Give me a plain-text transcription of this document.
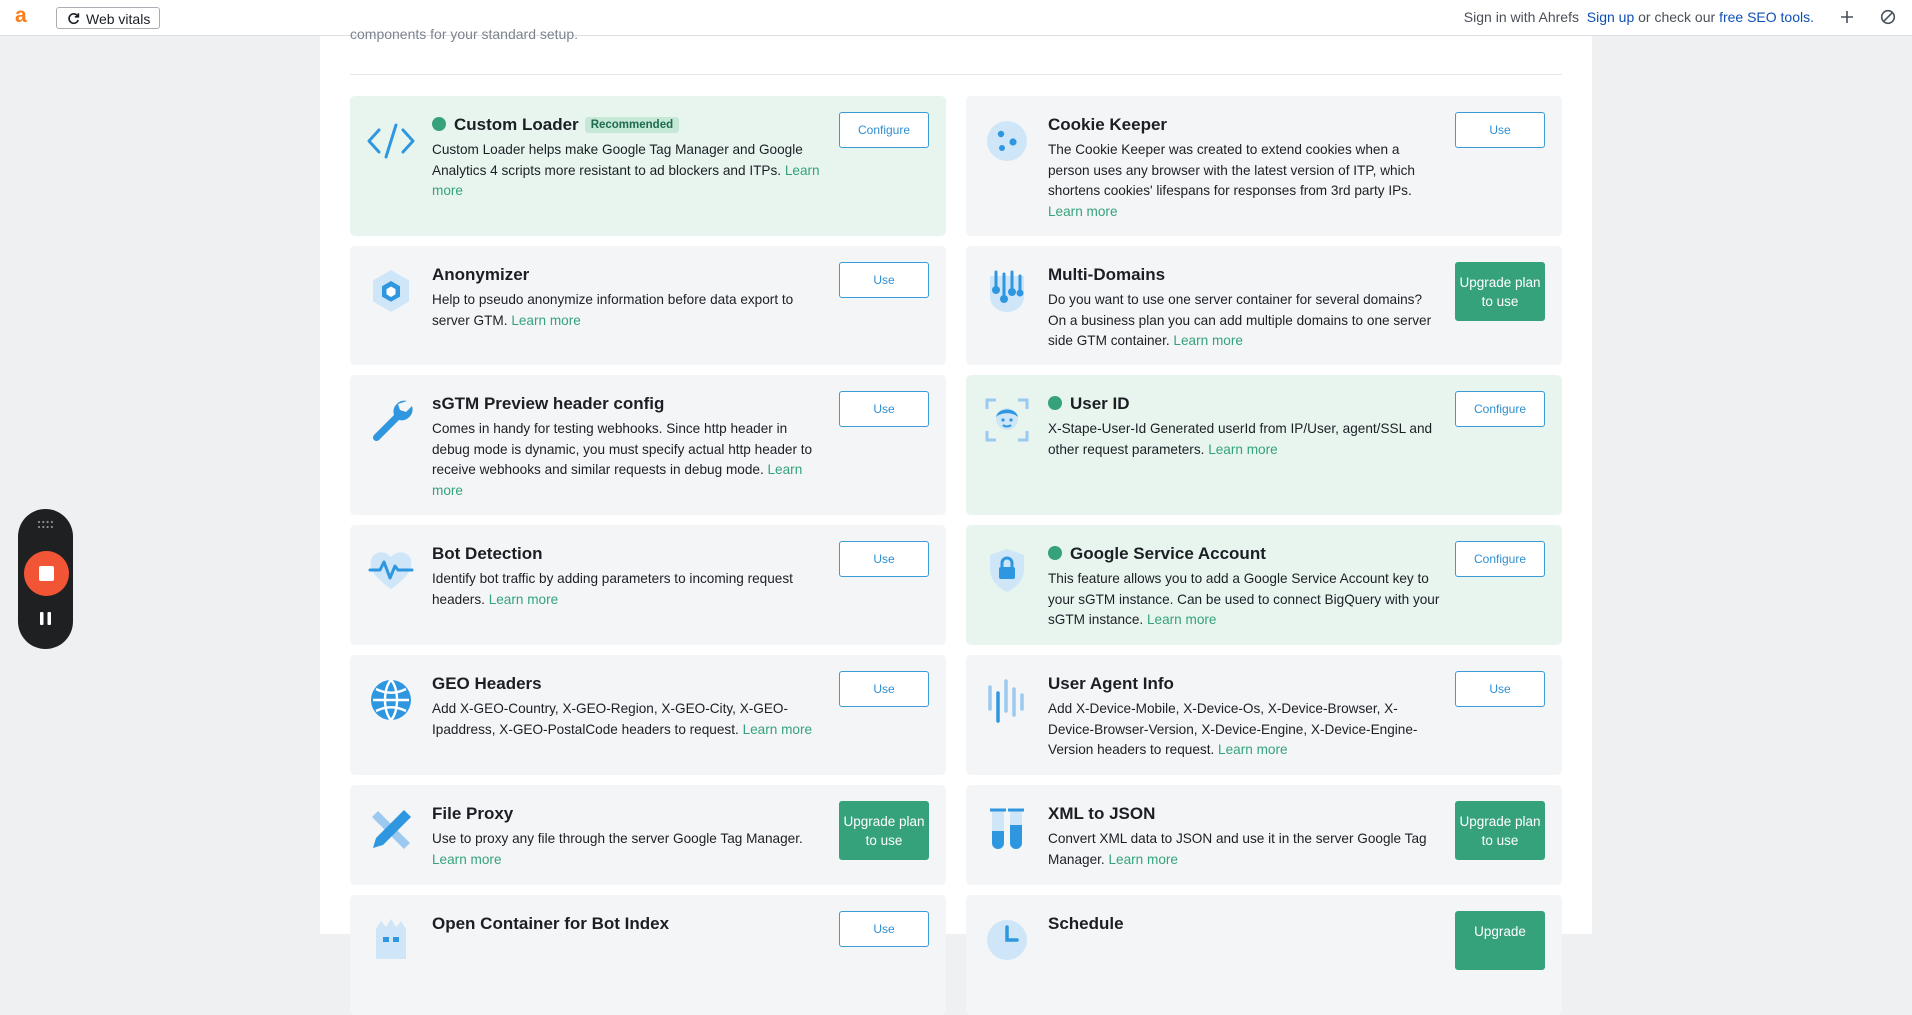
a	Web vitals	Sign in with Ahrefs Sign up or check our free SEO tools.
components for your standard setup.
Custom Loader Recommended
Custom Loader helps make Google Tag Manager and Google Analytics 4 scripts more resistant to ad blockers and ITPs. Learn more
Configure	Cookie Keeper
The Cookie Keeper was created to extend cookies when a person uses any browser with the latest version of ITP, which shortens cookies' lifespans for responses from 3rd party IPs. Learn more
Use
Anonymizer
Help to pseudo anonymize information before data export to server GTM. Learn more
Use	Multi-Domains
Do you want to use one server container for several domains? On a business plan you can add multiple domains to one server side GTM container. Learn more
Upgrade plan to use
sGTM Preview header config
Comes in handy for testing webhooks. Since http header in debug mode is dynamic, you must specify actual http header to receive webhooks and similar requests in debug mode. Learn more
Use	User ID
X-Stape-User-Id Generated userId from IP/User, agent/SSL and other request parameters. Learn more
Configure
Bot Detection
Identify bot traffic by adding parameters to incoming request headers. Learn more
Use	Google Service Account
This feature allows you to add a Google Service Account key to your sGTM instance. Can be used to connect BigQuery with your sGTM instance. Learn more
Configure
GEO Headers
Add X-GEO-Country, X-GEO-Region, X-GEO-City, X-GEO-Ipaddress, X-GEO-PostalCode headers to request. Learn more
Use	User Agent Info
Add X-Device-Mobile, X-Device-Os, X-Device-Browser, X-Device-Browser-Version, X-Device-Engine, X-Device-Engine-Version headers to request. Learn more
Use
File Proxy
Use to proxy any file through the server Google Tag Manager. Learn more
Upgrade plan to use
XML to JSON
Convert XML data to JSON and use it in the server Google Tag Manager. Learn more
Upgrade plan to use
Open Container for Bot Index	Use	Schedule	Upgrade
